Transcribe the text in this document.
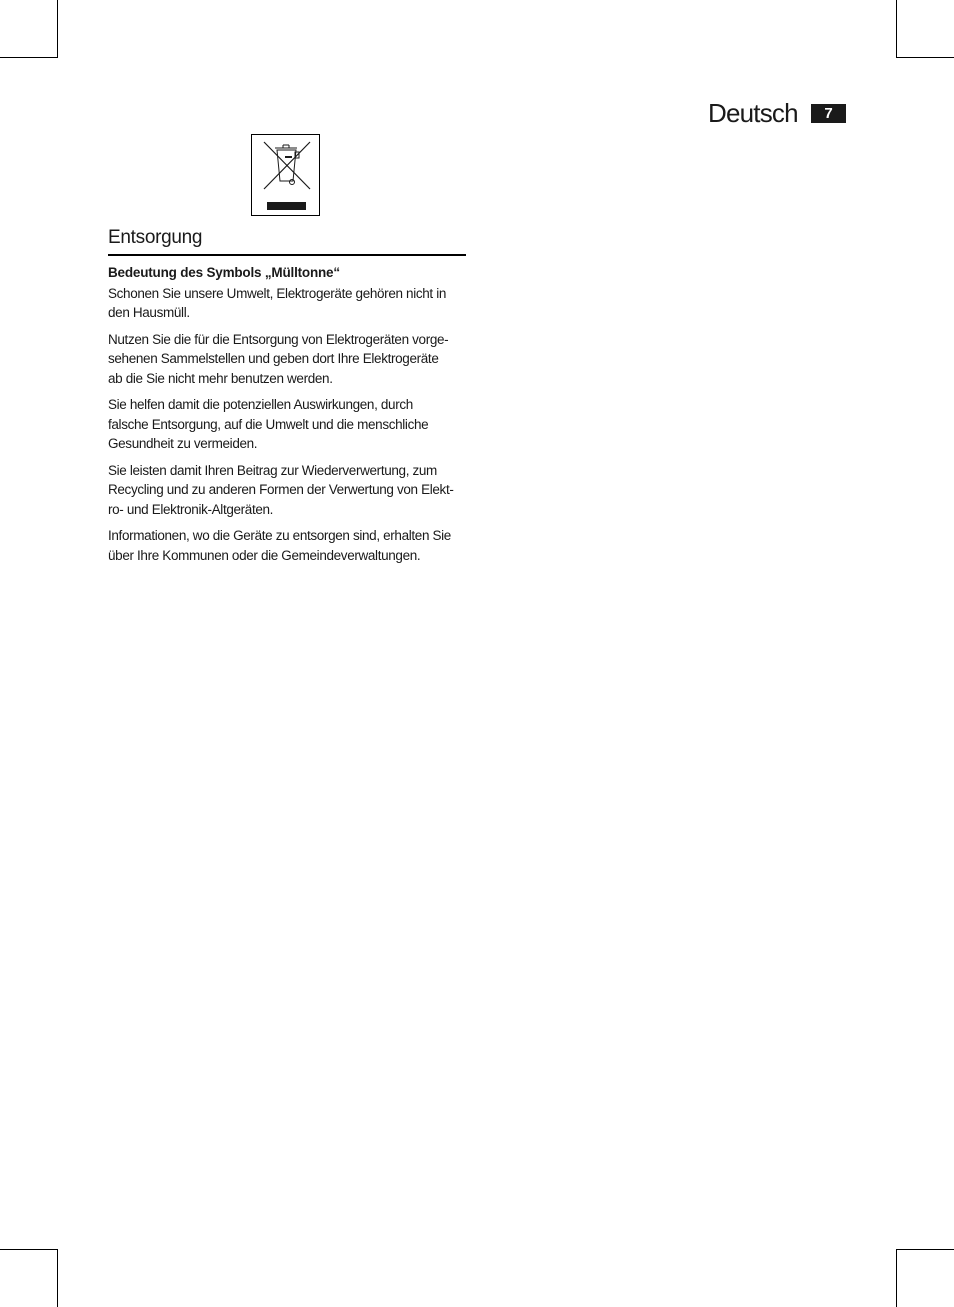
Deutsch	7
Entsorgung
Bedeutung des Symbols „Mülltonne“

Schonen Sie unsere Umwelt, Elektrogeräte gehören nicht in
den Hausmüll.

Nutzen Sie die für die Entsorgung von Elektrogeräten vorge-
sehenen Sammelstellen und geben dort Ihre Elektrogeräte
ab die Sie nicht mehr benutzen werden.

Sie helfen damit die potenziellen Auswirkungen, durch
falsche Entsorgung, auf die Umwelt und die menschliche
Gesundheit zu vermeiden.

Sie leisten damit Ihren Beitrag zur Wiederverwertung, zum
Recycling und zu anderen Formen der Verwertung von Elekt-
ro- und Elektronik-Altgeräten.

Informationen, wo die Geräte zu entsorgen sind, erhalten Sie
über Ihre Kommunen oder die Gemeindeverwaltungen.
